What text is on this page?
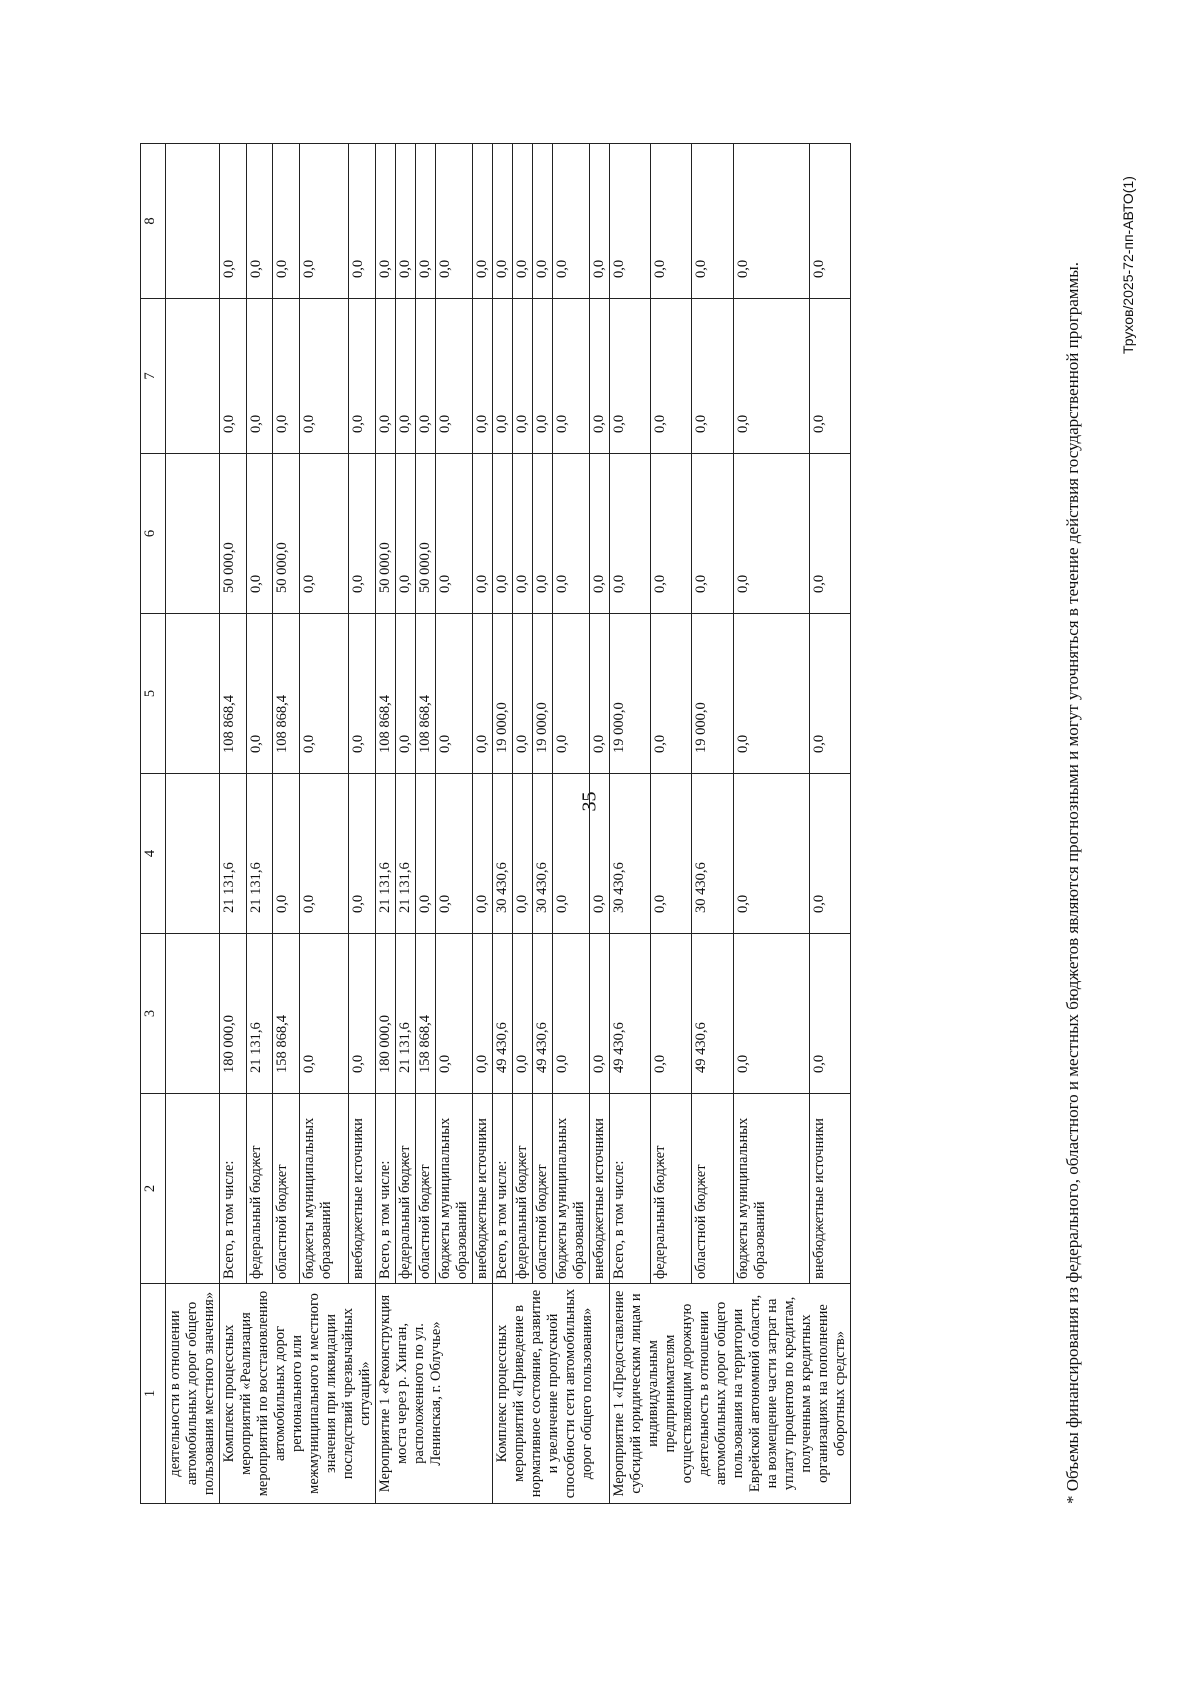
35
1	2	3	4	5	6	7	8
деятельности в отношении автомобильных дорог общего пользования местного значения»							
Комплекс процессных мероприятий «Реализация мероприятий по восстановлению автомобильных дорог регионального или межмуниципального и местного значения при ликвидации последствий чрезвычайных ситуаций»	Всего, в том числе:	180 000,0	21 131,6	108 868,4	50 000,0	0,0	0,0
	федеральный бюджет	21 131,6	21 131,6	0,0	0,0	0,0	0,0
	областной бюджет	158 868,4	0,0	108 868,4	50 000,0	0,0	0,0
	бюджеты муниципальных образований	0,0	0,0	0,0	0,0	0,0	0,0
	внебюджетные источники	0,0	0,0	0,0	0,0	0,0	0,0
Мероприятие 1 «Реконструкция моста через р. Хинган, расположенного по ул. Ленинская, г. Облучье»	Всего, в том числе:	180 000,0	21 131,6	108 868,4	50 000,0	0,0	0,0
	федеральный бюджет	21 131,6	21 131,6	0,0	0,0	0,0	0,0
	областной бюджет	158 868,4	0,0	108 868,4	50 000,0	0,0	0,0
	бюджеты муниципальных образований	0,0	0,0	0,0	0,0	0,0	0,0
	внебюджетные источники	0,0	0,0	0,0	0,0	0,0	0,0
Комплекс процессных мероприятий «Приведение в нормативное состояние, развитие и увеличение пропускной способности сети автомобильных дорог общего пользования»	Всего, в том числе:	49 430,6	30 430,6	19 000,0	0,0	0,0	0,0
	федеральный бюджет	0,0	0,0	0,0	0,0	0,0	0,0
	областной бюджет	49 430,6	30 430,6	19 000,0	0,0	0,0	0,0
	бюджеты муниципальных образований	0,0	0,0	0,0	0,0	0,0	0,0
	внебюджетные источники	0,0	0,0	0,0	0,0	0,0	0,0
Мероприятие 1 «Предоставление субсидий юридическим лицам и индивидуальным предпринимателям осуществляющим дорожную деятельность в отношении автомобильных дорог общего пользования на территории Еврейской автономной области, на возмещение части затрат на уплату процентов по кредитам, полученным в кредитных организациях на пополнение оборотных средств»	Всего, в том числе:	49 430,6	30 430,6	19 000,0	0,0	0,0	0,0
	федеральный бюджет	0,0	0,0	0,0	0,0	0,0	0,0
	областной бюджет	49 430,6	30 430,6	19 000,0	0,0	0,0	0,0
	бюджеты муниципальных образований	0,0	0,0	0,0	0,0	0,0	0,0
	внебюджетные источники	0,0	0,0	0,0	0,0	0,0	0,0	* Объемы финансирования из федерального, областного и местных бюджетов являются прогнозными и могут уточняться в течение действия государственной программы.	Трухов/2025-72-пп-АВТО(1)
